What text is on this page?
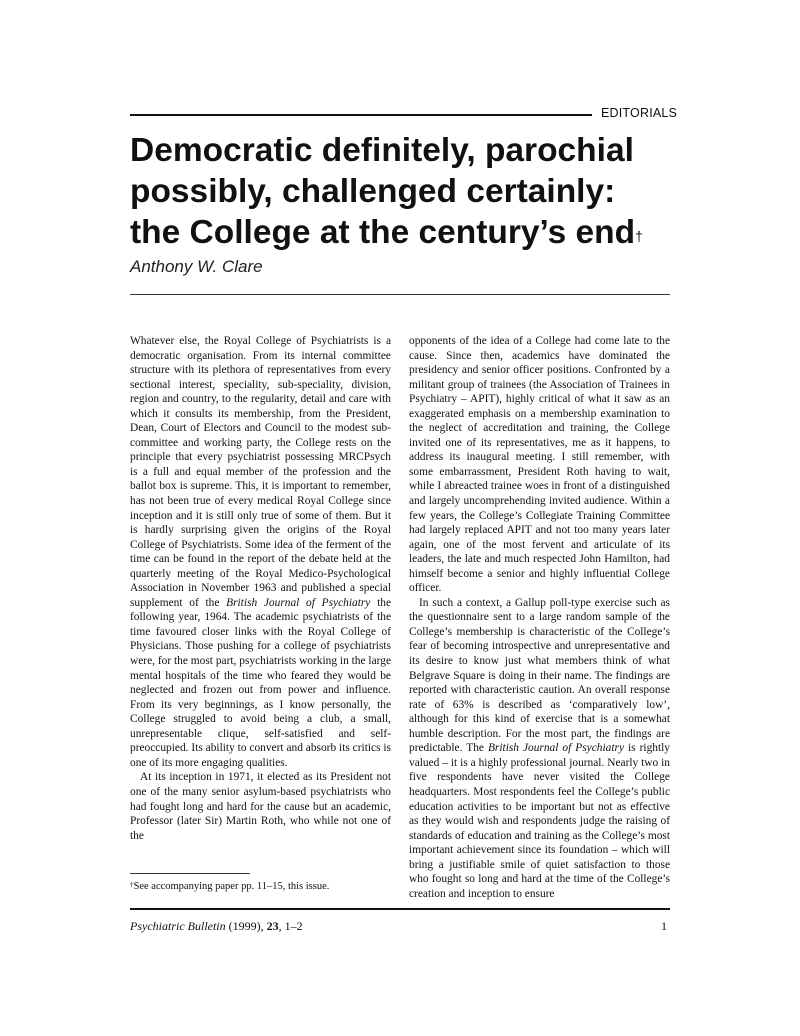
EDITORIALS
Democratic definitely, parochial
possibly, challenged certainly:
the College at the century’s end†
Anthony W. Clare

Whatever else, the Royal College of Psychiatrists is a democratic organisation. From its internal committee structure with its plethora of representatives from every sectional interest, speciality, sub-speciality, division, region and country, to the regularity, detail and care with which it consults its membership, from the President, Dean, Court of Electors and Council to the modest sub-committee and working party, the College rests on the principle that every psychiatrist possessing MRCPsych is a full and equal member of the profession and the ballot box is supreme. This, it is important to remember, has not been true of every medical Royal College since inception and it is still only true of some of them. But it is hardly surprising given the origins of the Royal College of Psychiatrists. Some idea of the ferment of the time can be found in the report of the debate held at the quarterly meeting of the Royal Medico-Psychological Association in November 1963 and published a special supplement of the British Journal of Psychiatry the following year, 1964. The academic psychiatrists of the time favoured closer links with the Royal College of Physicians. Those pushing for a college of psychiatrists were, for the most part, psychiatrists working in the large mental hospitals of the time who feared they would be neglected and frozen out from power and influence. From its very beginnings, as I know personally, the College struggled to avoid being a club, a small, unrepresentable clique, self-satisfied and self-preoccupied. Its ability to convert and absorb its critics is one of its more engaging qualities.

At its inception in 1971, it elected as its President not one of the many senior asylum-based psychiatrists who had fought long and hard for the cause but an academic, Professor (later Sir) Martin Roth, who while not one of the

opponents of the idea of a College had come late to the cause. Since then, academics have dominated the presidency and senior officer positions. Confronted by a militant group of trainees (the Association of Trainees in Psychiatry – APIT), highly critical of what it saw as an exaggerated emphasis on a membership examination to the neglect of accreditation and training, the College invited one of its representatives, me as it happens, to address its inaugural meeting. I still remember, with some embarrassment, President Roth having to wait, while I abreacted trainee woes in front of a distinguished and largely uncomprehending invited audience. Within a few years, the College’s Collegiate Training Committee had largely replaced APIT and not too many years later again, one of the most fervent and articulate of its leaders, the late and much respected John Hamilton, had himself become a senior and highly influential College officer.

In such a context, a Gallup poll-type exercise such as the questionnaire sent to a large random sample of the College’s membership is characteristic of the College’s fear of becoming introspective and unrepresentative and its desire to know just what members think of what Belgrave Square is doing in their name. The findings are reported with characteristic caution. An overall response rate of 63% is described as ‘comparatively low’, although for this kind of exercise that is a somewhat humble description. For the most part, the findings are predictable. The British Journal of Psychiatry is rightly valued – it is a highly professional journal. Nearly two in five respondents have never visited the College headquarters. Most respondents feel the College’s public education activities to be important but not as effective as they would wish and respondents judge the raising of standards of education and training as the College’s most important achievement since its foundation – which will bring a justifiable smile of quiet satisfaction to those who fought so long and hard at the time of the College’s creation and inception to ensure

†See accompanying paper pp. 11–15, this issue.
Psychiatric Bulletin (1999), 23, 1–2	1
